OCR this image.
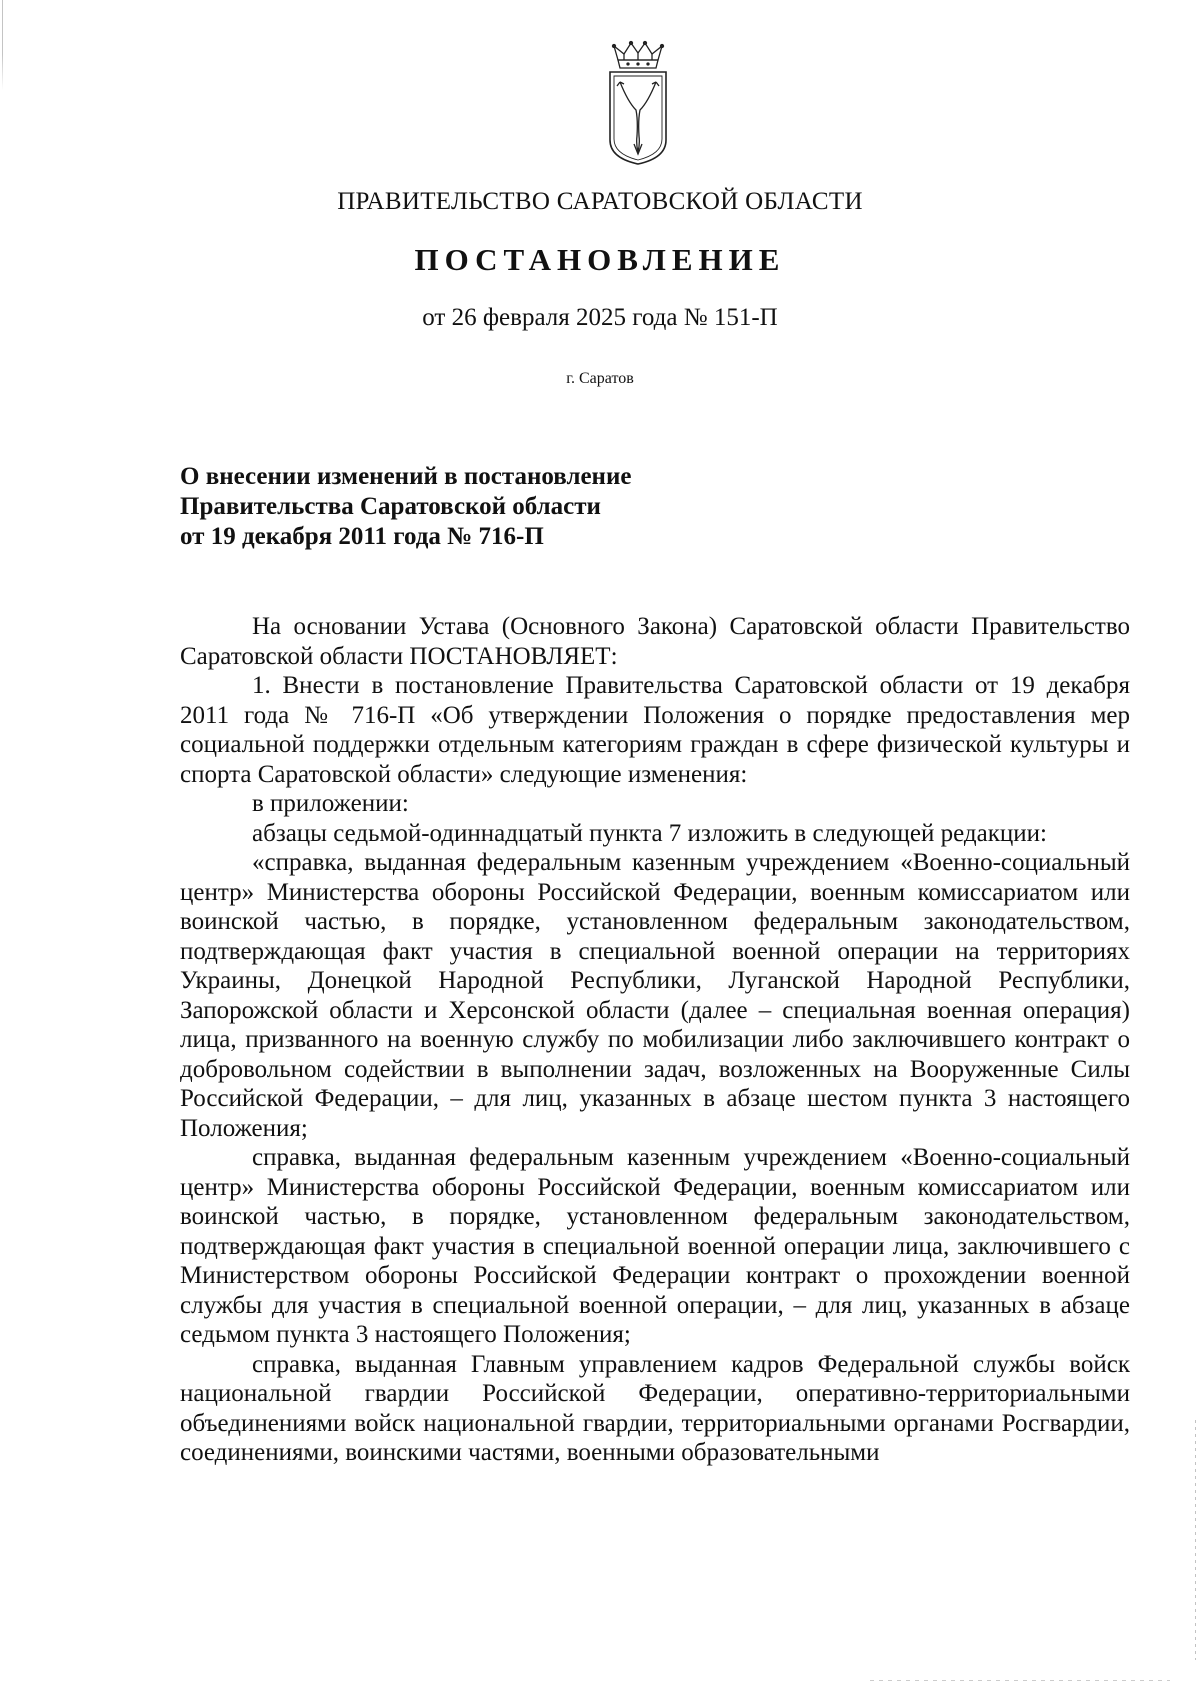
ПРАВИТЕЛЬСТВО САРАТОВСКОЙ ОБЛАСТИ
ПОСТАНОВЛЕНИЕ
от 26 февраля 2025 года № 151-П
г. Саратов
О внесении изменений в постановление
Правительства Саратовской области
от 19 декабря 2011 года № 716-П

На основании Устава (Основного Закона) Саратовской области Правительство Саратовской области ПОСТАНОВЛЯЕТ:

1. Внести в постановление Правительства Саратовской области от 19 декабря 2011 года № 716-П «Об утверждении Положения о порядке предоставления мер социальной поддержки отдельным категориям граждан в сфере физической культуры и спорта Саратовской области» следующие изменения:

в приложении:

абзацы седьмой-одиннадцатый пункта 7 изложить в следующей редакции:

«справка, выданная федеральным казенным учреждением «Военно-социальный центр» Министерства обороны Российской Федерации, военным комиссариатом или воинской частью, в порядке, установленном федеральным законодательством, подтверждающая факт участия в специальной военной операции на территориях Украины, Донецкой Народной Республики, Луганской Народной Республики, Запорожской области и Херсонской области (далее – специальная военная операция) лица, призванного на военную службу по мобилизации либо заключившего контракт о добровольном содействии в выполнении задач, возложенных на Вооруженные Силы Российской Федерации, – для лиц, указанных в абзаце шестом пункта 3 настоящего Положения;

справка, выданная федеральным казенным учреждением «Военно-социальный центр» Министерства обороны Российской Федерации, военным комиссариатом или воинской частью, в порядке, установленном федеральным законодательством, подтверждающая факт участия в специальной военной операции лица, заключившего с Министерством обороны Российской Федерации контракт о прохождении военной службы для участия в специальной военной операции, – для лиц, указанных в абзаце седьмом пункта 3 настоящего Положения;

справка, выданная Главным управлением кадров Федеральной службы войск национальной гвардии Российской Федерации, оперативно-территориальными объединениями войск национальной гвардии, территориальными органами Росгвардии, соединениями, воинскими частями, военными образовательными
